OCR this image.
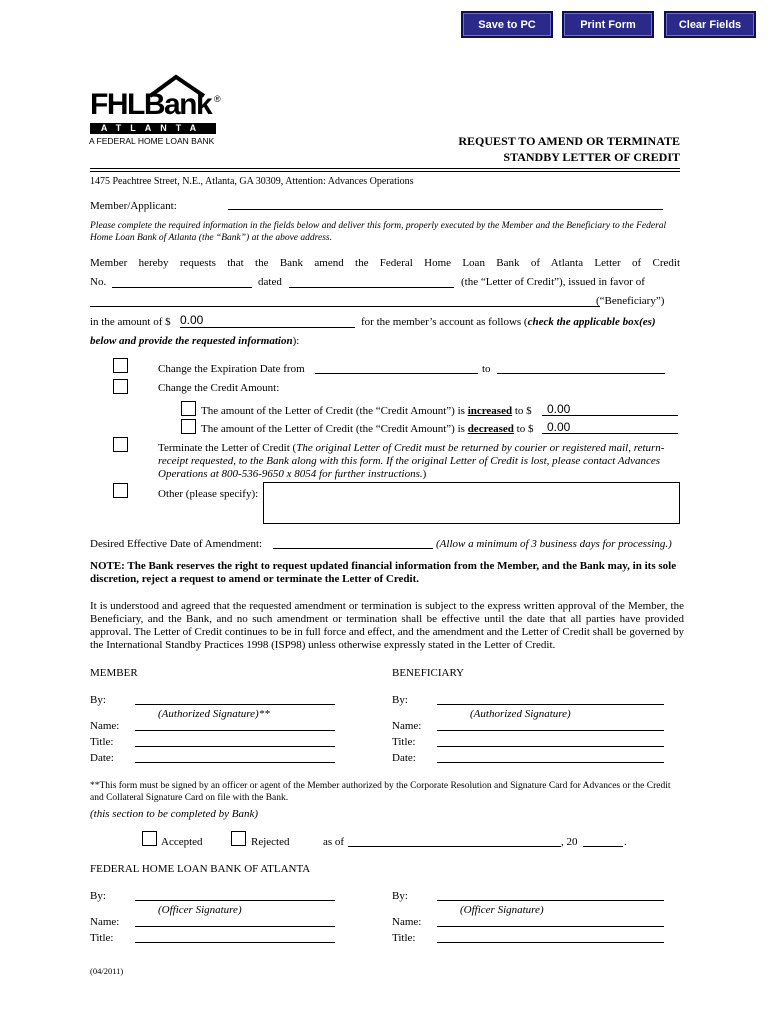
Save to PC	Print Form	Clear Fields
FHLBank ®
ATLANTA
A FEDERAL HOME LOAN BANK	REQUEST TO AMEND OR TERMINATE
STANDBY LETTER OF CREDIT
1475 Peachtree Street, N.E., Atlanta, GA 30309, Attention: Advances Operations
Member/Applicant:
Please complete the required information in the fields below and deliver this form, properly executed by the Member and the Beneficiary to the Federal Home Loan Bank of Atlanta (the “Bank”) at the above address.
Member hereby requests that the Bank amend the Federal Home Loan Bank of Atlanta Letter of Credit
No.	dated	(the “Letter of Credit”), issued in favor of
(“Beneficiary”)
in the amount of $ 0.00	for the member’s account as follows (check the applicable box(es)
below and provide the requested information):
Change the Expiration Date from	to
Change the Credit Amount:
The amount of the Letter of Credit (the “Credit Amount”) is increased to $ 0.00
The amount of the Letter of Credit (the “Credit Amount”) is decreased to $ 0.00
Terminate the Letter of Credit (The original Letter of Credit must be returned by courier or registered mail, return-receipt requested, to the Bank along with this form. If the original Letter of Credit is lost, please contact Advances Operations at 800-536-9650 x 8054 for further instructions.)
Other (please specify):
Desired Effective Date of Amendment:	(Allow a minimum of 3 business days for processing.)
NOTE: The Bank reserves the right to request updated financial information from the Member, and the Bank may, in its sole discretion, reject a request to amend or terminate the Letter of Credit.
It is understood and agreed that the requested amendment or termination is subject to the express written approval of the Member, the Beneficiary, and the Bank, and no such amendment or termination shall be effective until the date that all parties have provided approval. The Letter of Credit continues to be in full force and effect, and the amendment and the Letter of Credit shall be governed by the International Standby Practices 1998 (ISP98) unless otherwise expressly stated in the Letter of Credit.
MEMBER
By:
(Authorized Signature)**
Name:
Title:
Date:
BENEFICIARY
By:
(Authorized Signature)
Name:
Title:
Date:
**This form must be signed by an officer or agent of the Member authorized by the Corporate Resolution and Signature Card for Advances or the Credit and Collateral Signature Card on file with the Bank.
(this section to be completed by Bank)
Accepted	Rejected	as of	, 20	.
FEDERAL HOME LOAN BANK OF ATLANTA
By:
(Officer Signature)
Name:
Title:
By:
(Officer Signature)
Name:
Title:
(04/2011)
